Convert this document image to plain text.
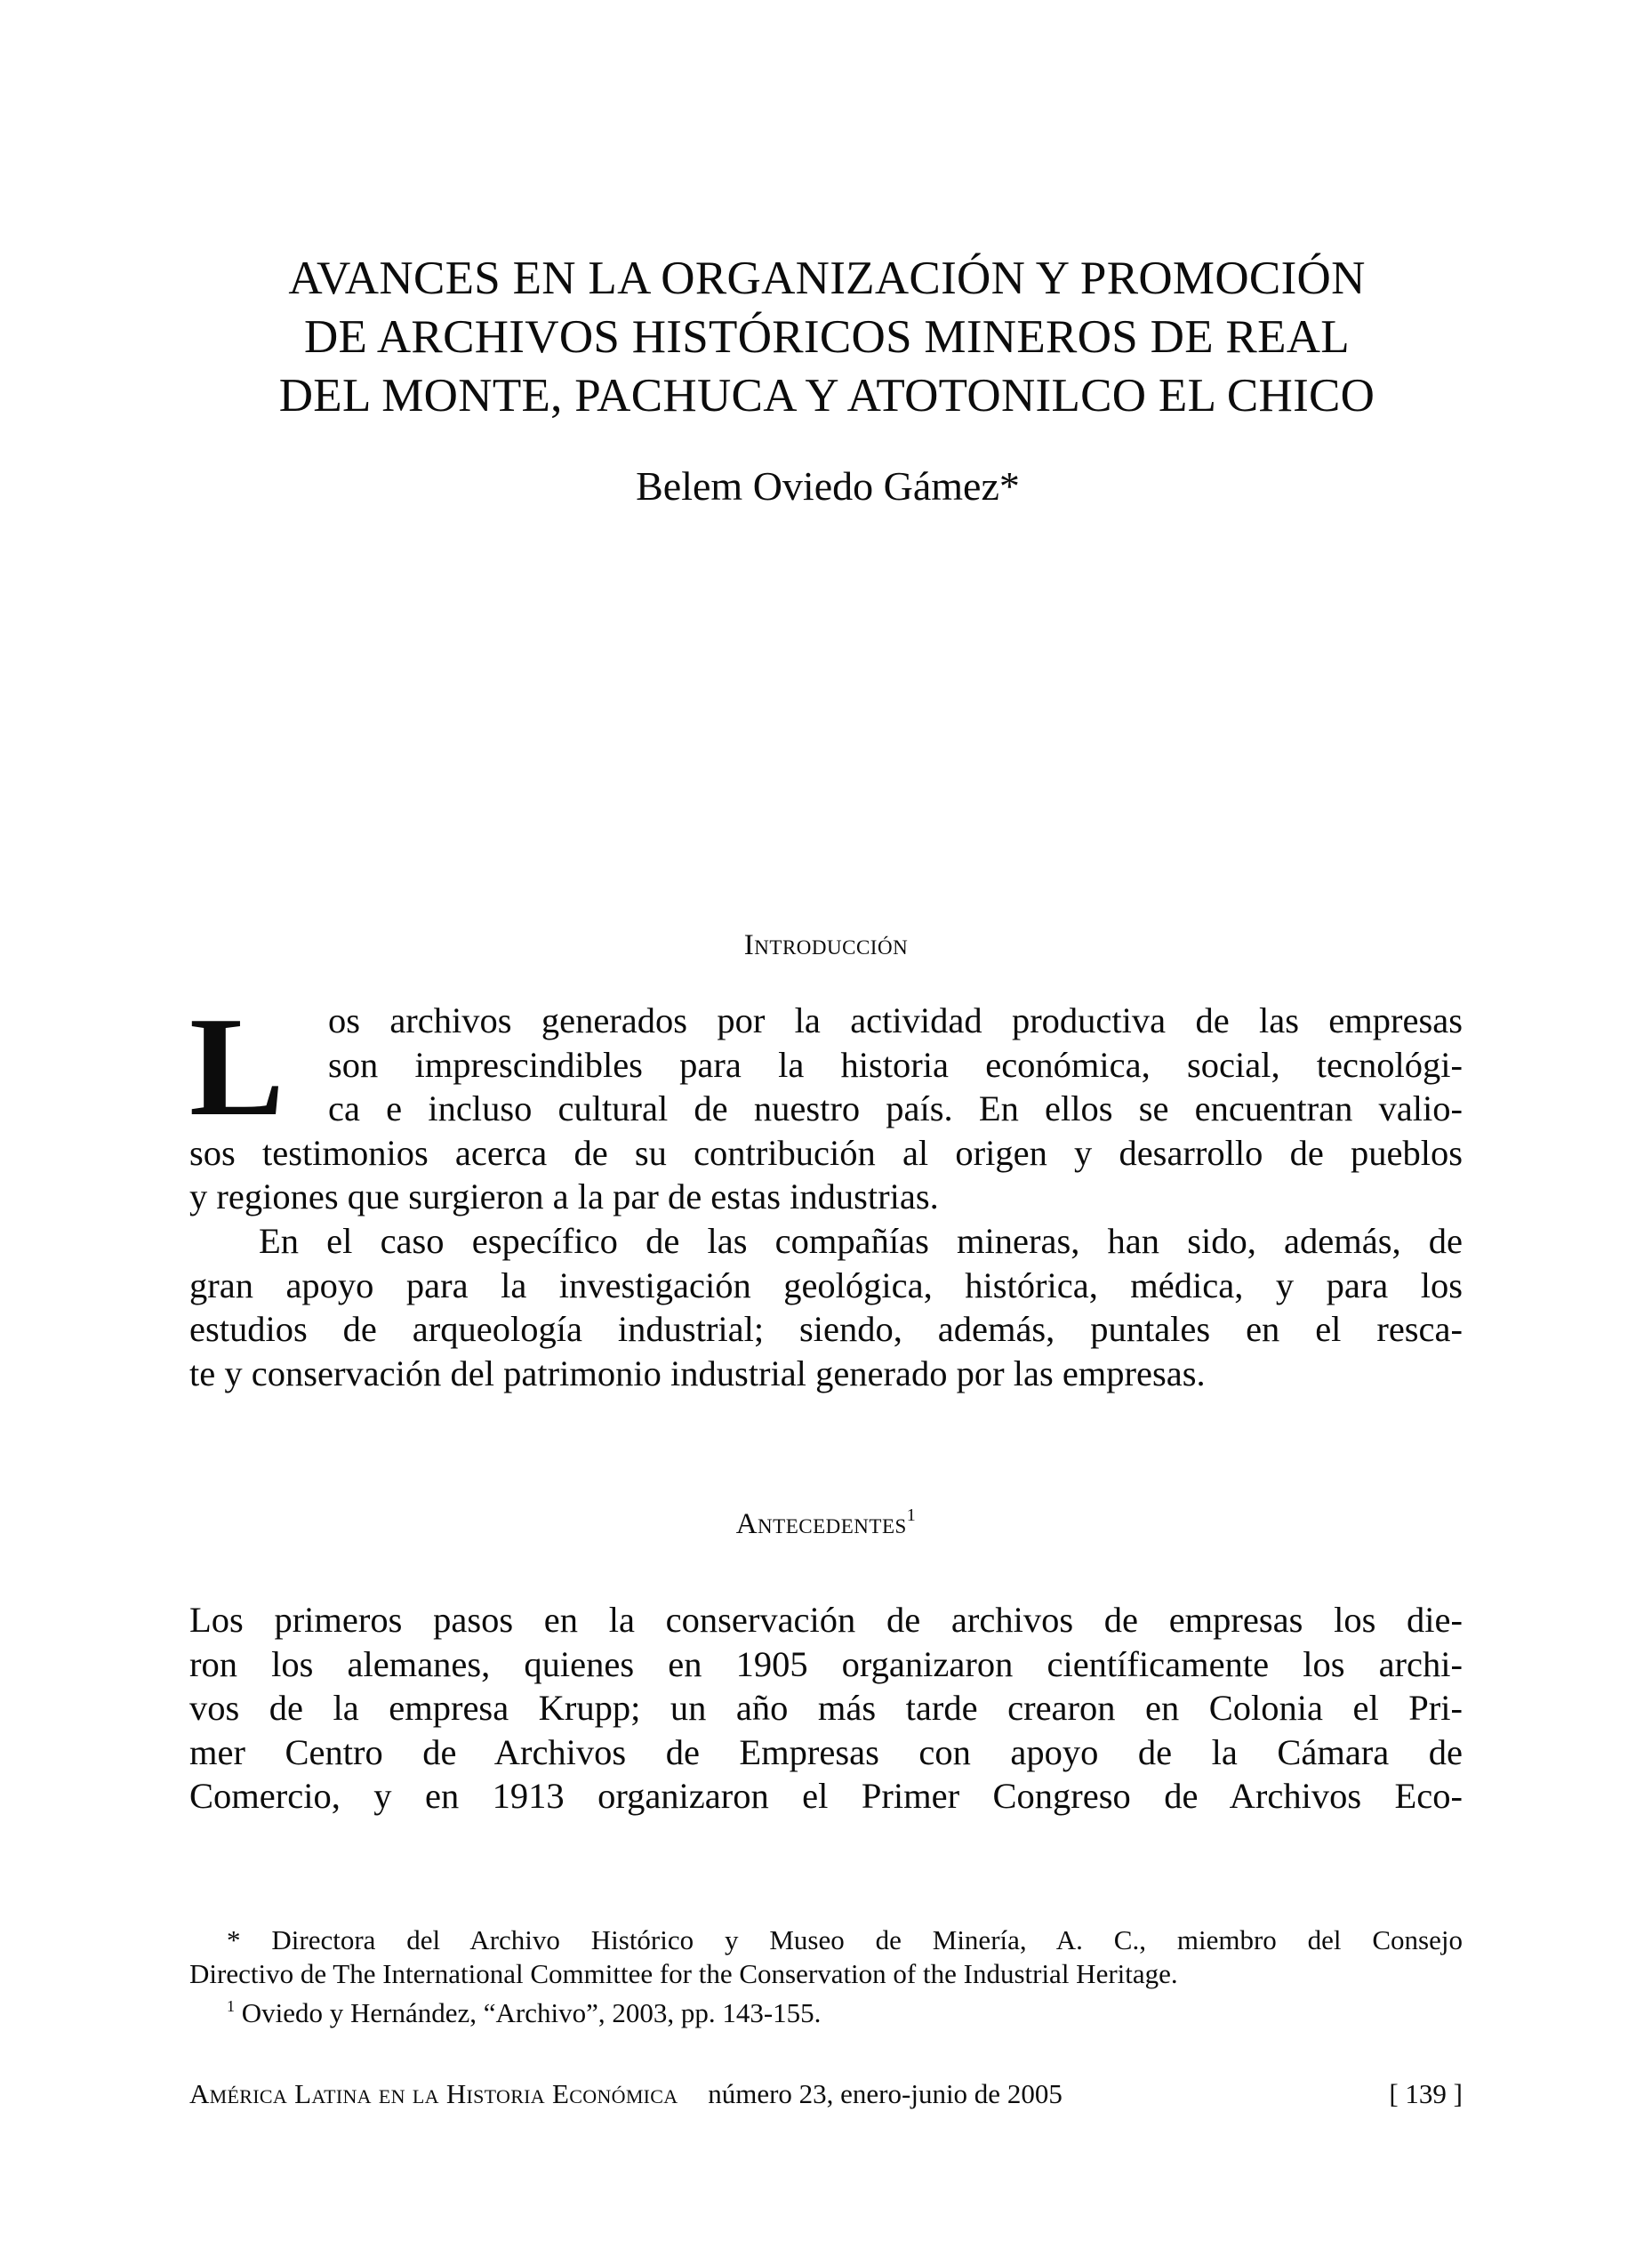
AVANCES EN LA ORGANIZACIÓN Y PROMOCIÓN
DE ARCHIVOS HISTÓRICOS MINEROS DE REAL
DEL MONTE, PACHUCA Y ATOTONILCO EL CHICO
Belem Oviedo Gámez*
Introducción
L	os archivos generados por la actividad productiva de las empresas
son imprescindibles para la historia económica, social, tecnológi-
ca e incluso cultural de nuestro país. En ellos se encuentran valio-
sos testimonios acerca de su contribución al origen y desarrollo de pueblos
y regiones que surgieron a la par de estas industrias.
En el caso específico de las compañías mineras, han sido, además, de
gran apoyo para la investigación geológica, histórica, médica, y para los
estudios de arqueología industrial; siendo, además, puntales en el resca-
te y conservación del patrimonio industrial generado por las empresas.
Antecedentes$^1$
Los primeros pasos en la conservación de archivos de empresas los die-
ron los alemanes, quienes en 1905 organizaron científicamente los archi-
vos de la empresa Krupp; un año más tarde crearon en Colonia el Pri-
mer Centro de Archivos de Empresas con apoyo de la Cámara de
Comercio, y en 1913 organizaron el Primer Congreso de Archivos Eco-
* Directora del Archivo Histórico y Museo de Minería, A. C., miembro del Consejo
Directivo de The International Committee for the Conservation of the Industrial Heritage.
$^1$ Oviedo y Hernández, “Archivo”, 2003, pp. 143-155.
América Latina en la Historia Económica número 23, enero-junio de 2005	[ 139 ]
